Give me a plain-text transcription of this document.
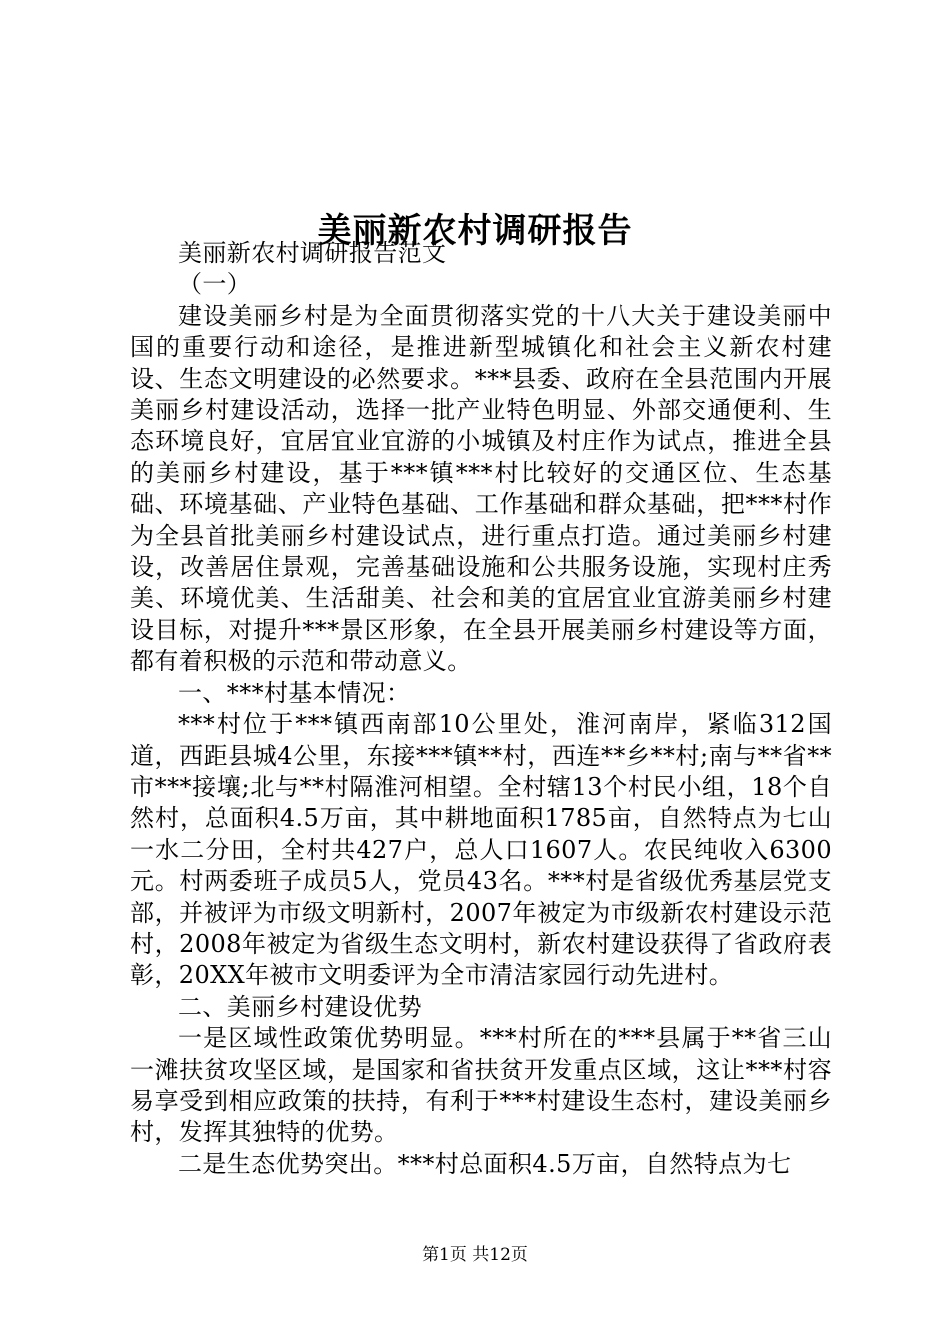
美丽新农村调研报告

美丽新农村调研报告范文

（一）

建设美丽乡村是为全面贯彻落实党的十八大关于建设美丽中国的重要行动和途径，是推进新型城镇化和社会主义新农村建设、生态文明建设的必然要求。***县委、政府在全县范围内开展美丽乡村建设活动，选择一批产业特色明显、外部交通便利、生态环境良好，宜居宜业宜游的小城镇及村庄作为试点，推进全县的美丽乡村建设，基于***镇***村比较好的交通区位、生态基础、环境基础、产业特色基础、工作基础和群众基础，把***村作为全县首批美丽乡村建设试点，进行重点打造。通过美丽乡村建设，改善居住景观，完善基础设施和公共服务设施，实现村庄秀美、环境优美、生活甜美、社会和美的宜居宜业宜游美丽乡村建设目标，对提升***景区形象，在全县开展美丽乡村建设等方面，都有着积极的示范和带动意义。

一、***村基本情况：

***村位于***镇西南部10公里处，淮河南岸，紧临312国道，西距县城4公里，东接***镇**村，西连**乡**村;南与**省**市***接壤;北与**村隔淮河相望。全村辖13个村民小组，18个自然村，总面积4.5万亩，其中耕地面积1785亩，自然特点为七山一水二分田，全村共427户，总人口1607人。农民纯收入6300元。村两委班子成员5人，党员43名。***村是省级优秀基层党支部，并被评为市级文明新村，2007年被定为市级新农村建设示范村，2008年被定为省级生态文明村，新农村建设获得了省政府表彰，20XX年被市文明委评为全市清洁家园行动先进村。

二、美丽乡村建设优势

一是区域性政策优势明显。***村所在的***县属于**省三山一滩扶贫攻坚区域，是国家和省扶贫开发重点区域，这让***村容易享受到相应政策的扶持，有利于***村建设生态村，建设美丽乡村，发挥其独特的优势。

二是生态优势突出。***村总面积4.5万亩，自然特点为七

第1页 共12页
